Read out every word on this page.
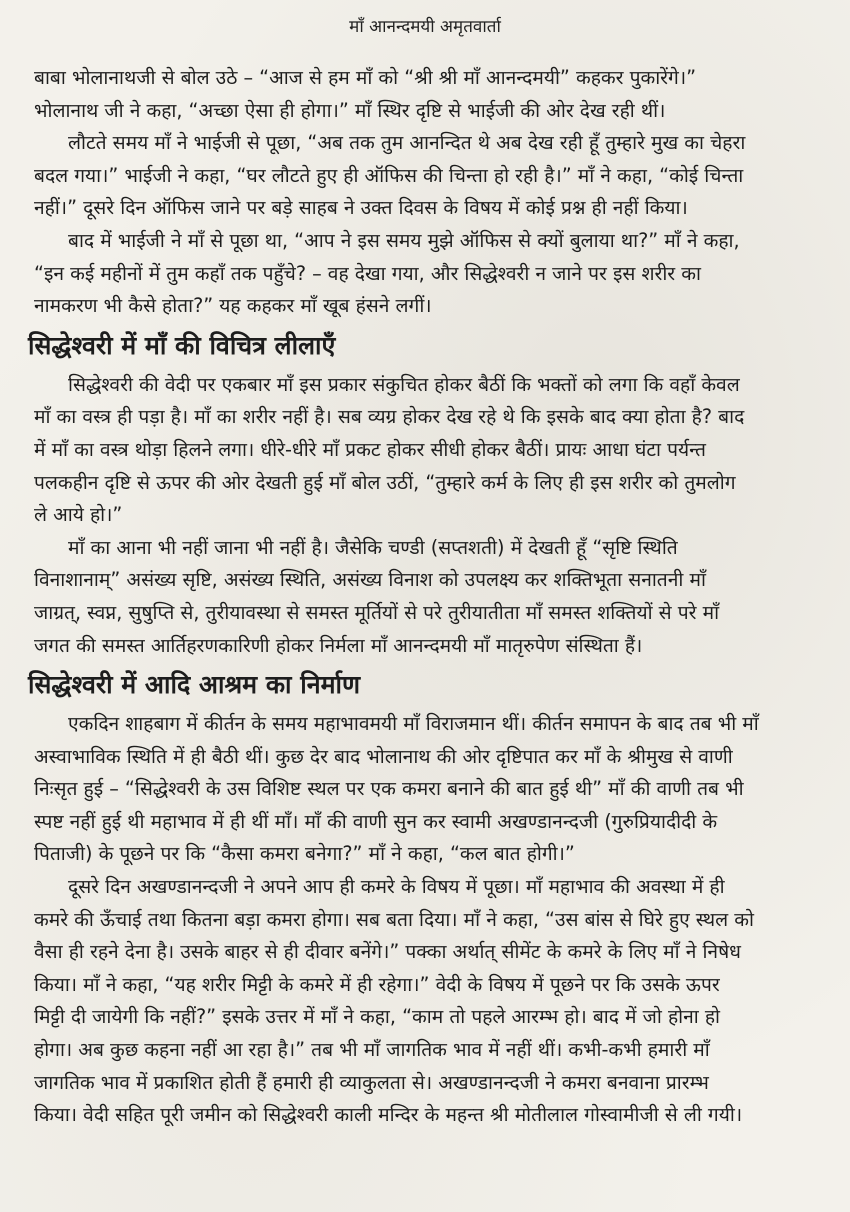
माँ आनन्दमयी अमृतवार्ता

बाबा भोलानाथजी से बोल उठे – “आज से हम माँ को “श्री श्री माँ आनन्दमयी” कहकर पुकारेंगे।”
भोलानाथ जी ने कहा, “अच्छा ऐसा ही होगा।” माँ स्थिर दृष्टि से भाईजी की ओर देख रही थीं।

लौटते समय माँ ने भाईजी से पूछा, “अब तक तुम आनन्दित थे अब देख रही हूँ तुम्हारे मुख का चेहरा
बदल गया।” भाईजी ने कहा, “घर लौटते हुए ही ऑफिस की चिन्ता हो रही है।” माँ ने कहा, “कोई चिन्ता
नहीं।” दूसरे दिन ऑफिस जाने पर बड़े साहब ने उक्त दिवस के विषय में कोई प्रश्न ही नहीं किया।

बाद में भाईजी ने माँ से पूछा था, “आप ने इस समय मुझे ऑफिस से क्यों बुलाया था?” माँ ने कहा,
“इन कई महीनों में तुम कहाँ तक पहुँचे? – वह देखा गया, और सिद्धेश्वरी न जाने पर इस शरीर का
नामकरण भी कैसे होता?” यह कहकर माँ खूब हंसने लगीं।

सिद्धेश्वरी में माँ की विचित्र लीलाएँ

सिद्धेश्वरी की वेदी पर एकबार माँ इस प्रकार संकुचित होकर बैठीं कि भक्तों को लगा कि वहाँ केवल
माँ का वस्त्र ही पड़ा है। माँ का शरीर नहीं है। सब व्यग्र होकर देख रहे थे कि इसके बाद क्या होता है? बाद
में माँ का वस्त्र थोड़ा हिलने लगा। धीरे-धीरे माँ प्रकट होकर सीधी होकर बैठीं। प्रायः आधा घंटा पर्यन्त
पलकहीन दृष्टि से ऊपर की ओर देखती हुई माँ बोल उठीं, “तुम्हारे कर्म के लिए ही इस शरीर को तुमलोग
ले आये हो।”

माँ का आना भी नहीं जाना भी नहीं है। जैसेकि चण्डी (सप्तशती) में देखती हूँ “सृष्टि स्थिति
विनाशानाम्” असंख्य सृष्टि, असंख्य स्थिति, असंख्य विनाश को उपलक्ष्य कर शक्तिभूता सनातनी माँ
जाग्रत्, स्वप्न, सुषुप्ति से, तुरीयावस्था से समस्त मूर्तियों से परे तुरीयातीता माँ समस्त शक्तियों से परे माँ
जगत की समस्त आर्तिहरणकारिणी होकर निर्मला माँ आनन्दमयी माँ मातृरुपेण संस्थिता हैं।

सिद्धेश्वरी में आदि आश्रम का निर्माण

एकदिन शाहबाग में कीर्तन के समय महाभावमयी माँ विराजमान थीं। कीर्तन समापन के बाद तब भी माँ
अस्वाभाविक स्थिति में ही बैठी थीं। कुछ देर बाद भोलानाथ की ओर दृष्टिपात कर माँ के श्रीमुख से वाणी
निःसृत हुई – “सिद्धेश्वरी के उस विशिष्ट स्थल पर एक कमरा बनाने की बात हुई थी” माँ की वाणी तब भी
स्पष्ट नहीं हुई थी महाभाव में ही थीं माँ। माँ की वाणी सुन कर स्वामी अखण्डानन्दजी (गुरुप्रियादीदी के
पिताजी) के पूछने पर कि “कैसा कमरा बनेगा?” माँ ने कहा, “कल बात होगी।”

दूसरे दिन अखण्डानन्दजी ने अपने आप ही कमरे के विषय में पूछा। माँ महाभाव की अवस्था में ही
कमरे की ऊँचाई तथा कितना बड़ा कमरा होगा। सब बता दिया। माँ ने कहा, “उस बांस से घिरे हुए स्थल को
वैसा ही रहने देना है। उसके बाहर से ही दीवार बनेंगे।” पक्का अर्थात् सीमेंट के कमरे के लिए माँ ने निषेध
किया। माँ ने कहा, “यह शरीर मिट्टी के कमरे में ही रहेगा।” वेदी के विषय में पूछने पर कि उसके ऊपर
मिट्टी दी जायेगी कि नहीं?” इसके उत्तर में माँ ने कहा, “काम तो पहले आरम्भ हो। बाद में जो होना हो
होगा। अब कुछ कहना नहीं आ रहा है।” तब भी माँ जागतिक भाव में नहीं थीं। कभी-कभी हमारी माँ
जागतिक भाव में प्रकाशित होती हैं हमारी ही व्याकुलता से। अखण्डानन्दजी ने कमरा बनवाना प्रारम्भ
किया। वेदी सहित पूरी जमीन को सिद्धेश्वरी काली मन्दिर के महन्त श्री मोतीलाल गोस्वामीजी से ली गयी।
